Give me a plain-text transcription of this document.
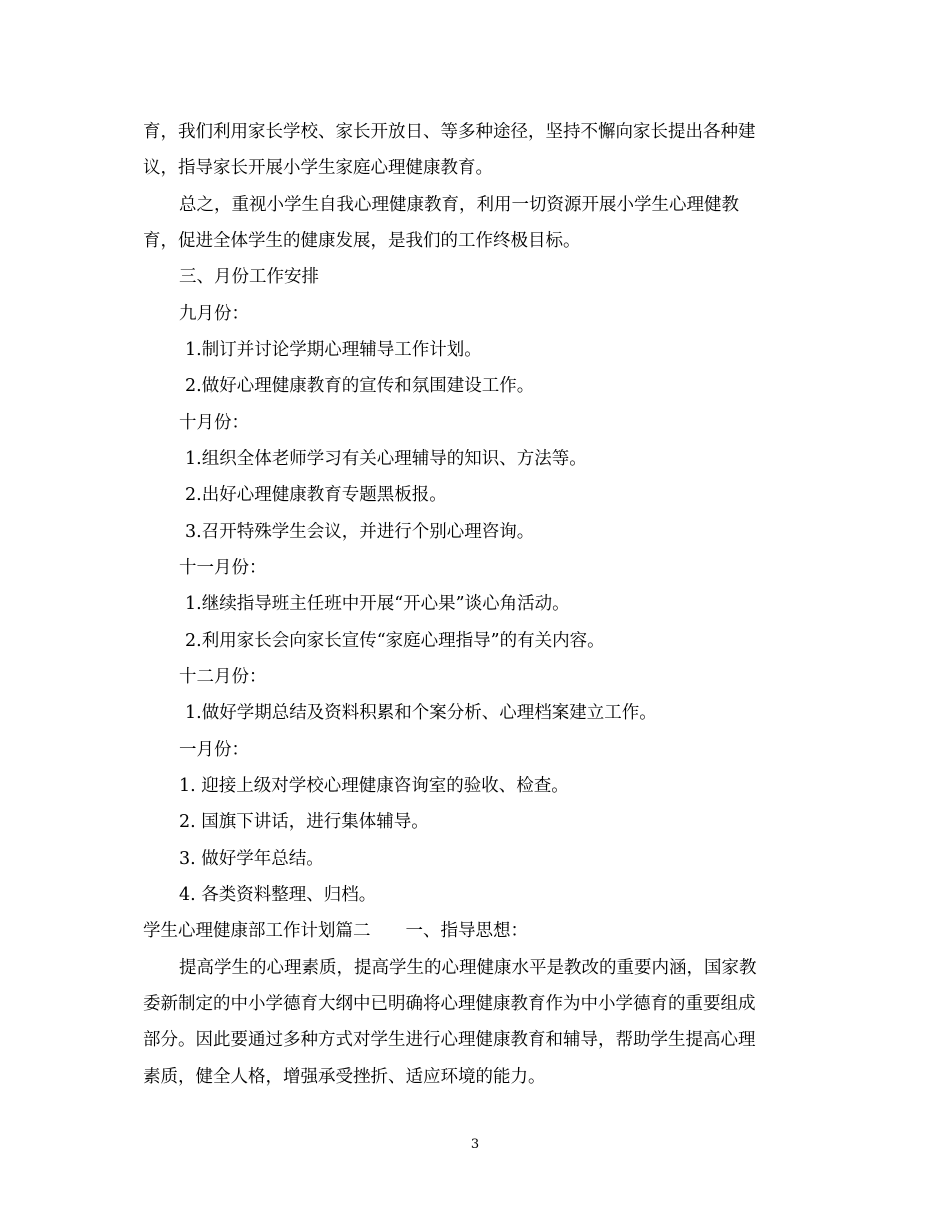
育，我们利用家长学校、家长开放日、等多种途径，坚持不懈向家长提出各种建

议，指导家长开展小学生家庭心理健康教育。

总之，重视小学生自我心理健康教育，利用一切资源开展小学生心理健教

育，促进全体学生的健康发展，是我们的工作终极目标。

三、月份工作安排

九月份：

1.制订并讨论学期心理辅导工作计划。

2.做好心理健康教育的宣传和氛围建设工作。

十月份：

1.组织全体老师学习有关心理辅导的知识、方法等。

2.出好心理健康教育专题黑板报。

3.召开特殊学生会议，并进行个别心理咨询。

十一月份：

1.继续指导班主任班中开展“开心果”谈心角活动。

2.利用家长会向家长宣传“家庭心理指导”的有关内容。

十二月份：

1.做好学期总结及资料积累和个案分析、心理档案建立工作。

一月份：

1. 迎接上级对学校心理健康咨询室的验收、检查。

2. 国旗下讲话，进行集体辅导。

3. 做好学年总结。

4. 各类资料整理、归档。

学生心理健康部工作计划篇二　　一、指导思想：

提高学生的心理素质，提高学生的心理健康水平是教改的重要内涵，国家教

委新制定的中小学德育大纲中已明确将心理健康教育作为中小学德育的重要组成

部分。因此要通过多种方式对学生进行心理健康教育和辅导，帮助学生提高心理

素质，健全人格，增强承受挫折、适应环境的能力。

3
